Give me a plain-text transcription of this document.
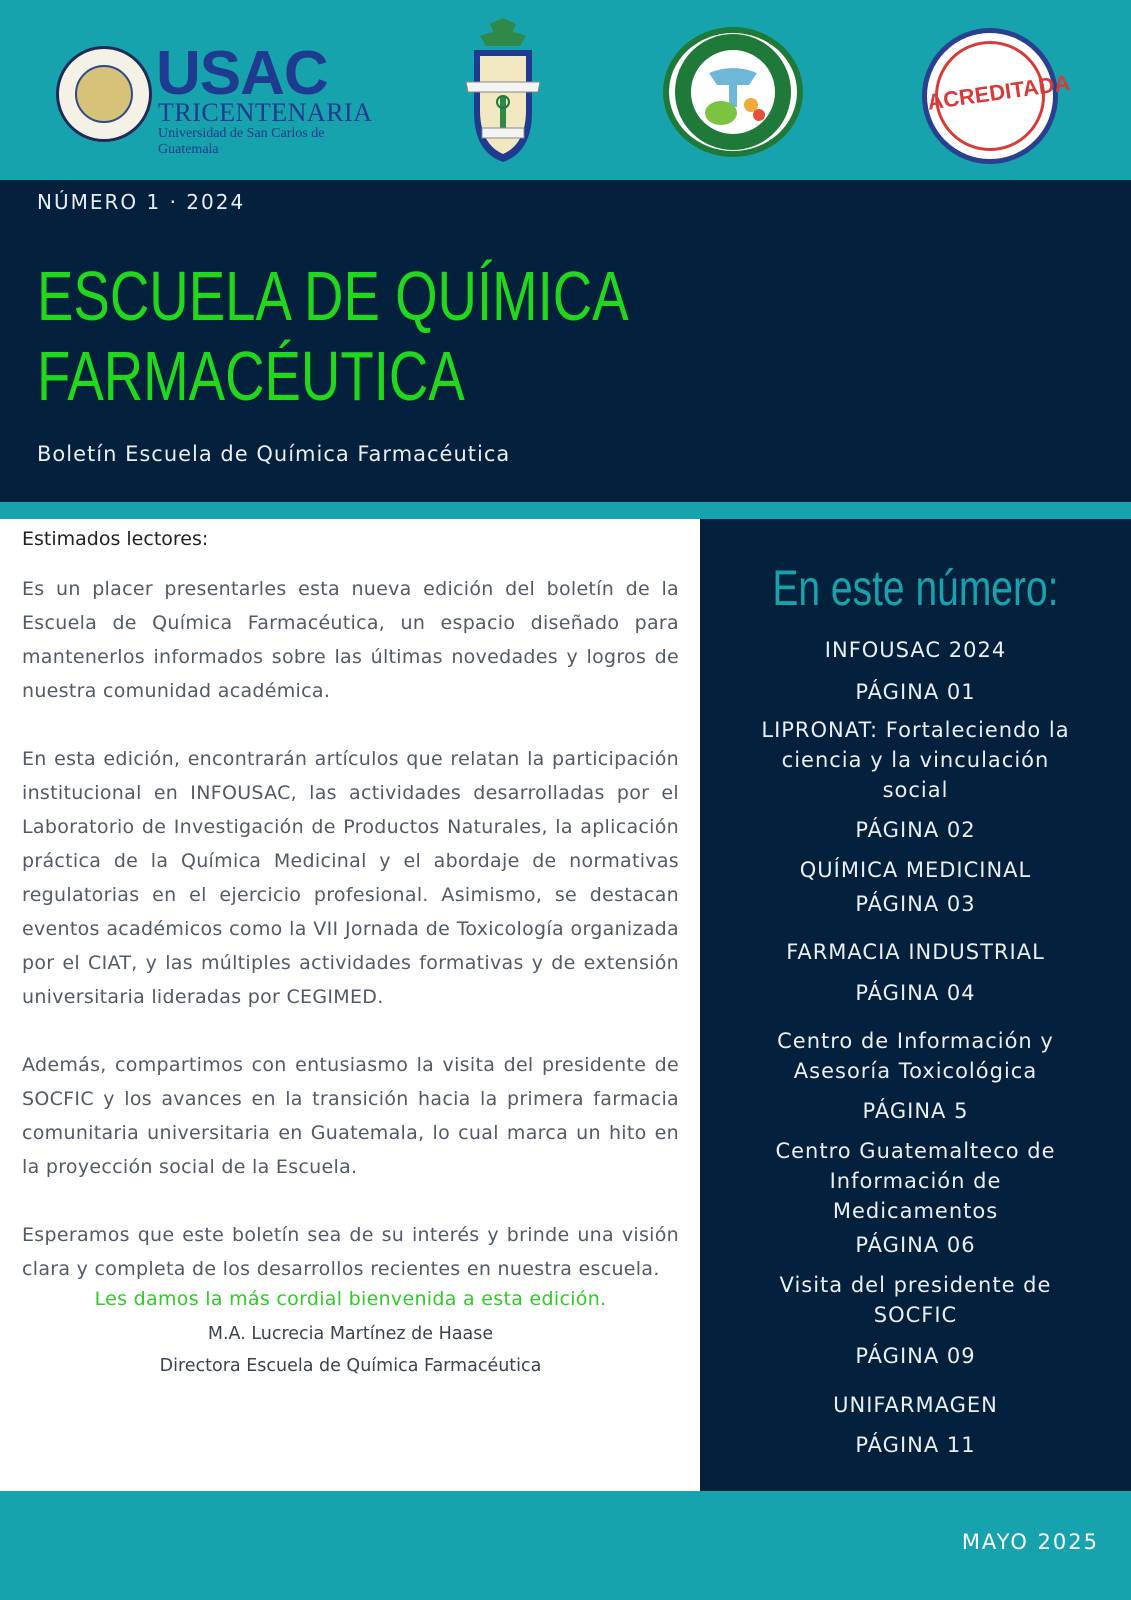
USAC
TRICENTENARIA
Universidad de San Carlos de Guatemala
ACREDITADA
NÚMERO 1 · 2024
ESCUELA DE QUÍMICA
FARMACÉUTICA
Boletín Escuela de Química Farmacéutica

Estimados lectores:

Es un placer presentarles esta nueva edición del boletín de la Escuela de Química Farmacéutica, un espacio diseñado para mantenerlos informados sobre las últimas novedades y logros de nuestra comunidad académica.

En esta edición, encontrarán artículos que relatan la participación institucional en INFOUSAC, las actividades desarrolladas por el Laboratorio de Investigación de Productos Naturales, la aplicación práctica de la Química Medicinal y el abordaje de normativas regulatorias en el ejercicio profesional. Asimismo, se destacan eventos académicos como la VII Jornada de Toxicología organizada por el CIAT, y las múltiples actividades formativas y de extensión universitaria lideradas por CEGIMED.

Además, compartimos con entusiasmo la visita del presidente de SOCFIC y los avances en la transición hacia la primera farmacia comunitaria universitaria en Guatemala, lo cual marca un hito en la proyección social de la Escuela.

Esperamos que este boletín sea de su interés y brinde una visión clara y completa de los desarrollos recientes en nuestra escuela.

Les damos la más cordial bienvenida a esta edición.
M.A. Lucrecia Martínez de Haase
Directora Escuela de Química Farmacéutica
En este número:
INFOUSAC 2024
PÁGINA 01
LIPRONAT: Fortaleciendo la
ciencia y la vinculación
social
PÁGINA 02
QUÍMICA MEDICINAL
PÁGINA 03
FARMACIA INDUSTRIAL
PÁGINA 04
Centro de Información y
Asesoría Toxicológica
PÁGINA 5
Centro Guatemalteco de
Información de
Medicamentos
PÁGINA 06
Visita del presidente de
SOCFIC
PÁGINA 09
UNIFARMAGEN
PÁGINA 11
MAYO 2025
